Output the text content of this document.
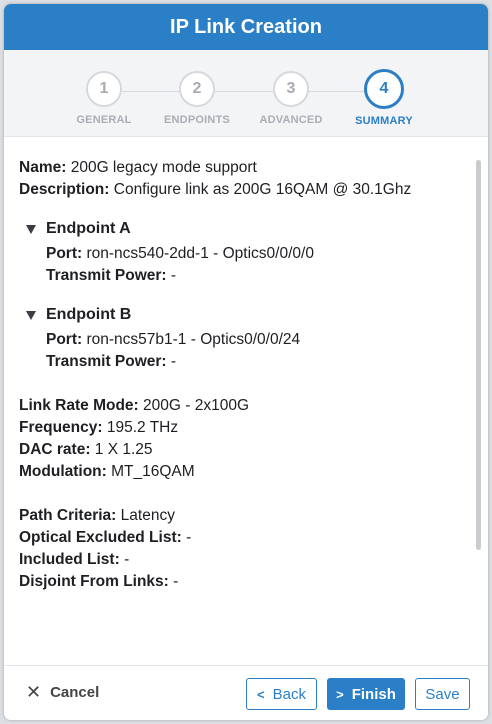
IP Link Creation
1
GENERAL
2
ENDPOINTS
3
ADVANCED
4
SUMMARY
Name: 200G legacy mode support
Description: Configure link as 200G 16QAM @ 30.1Ghz
Endpoint A
Port: ron-ncs540-2dd-1 - Optics0/0/0/0
Transmit Power: -
Endpoint B
Port: ron-ncs57b1-1 - Optics0/0/0/24
Transmit Power: -
Link Rate Mode: 200G - 2x100G
Frequency: 195.2 THz
DAC rate: 1 X 1.25
Modulation: MT_16QAM
Path Criteria: Latency
Optical Excluded List: -
Included List: -
Disjoint From Links: -
✕ Cancel	< Back > Finish	Save
